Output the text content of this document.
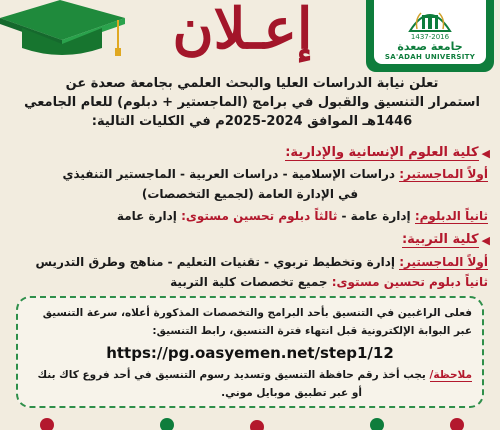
إعـلان	1437-2016
جامعة صعدة
SA'ADAH UNIVERSITY
تعلن نيابة الدراسات العليا والبحث العلمي بجامعة صعدة عن
استمرار التنسيق والقبول في برامج (الماجستير + دبلوم) للعام الجامعي
1446هـ الموافق 2024-2025م في الكليات التالية:
◀
كلية العلوم الإنسانية والإدارية:
أولاً الماجستير: دراسات الإسلامية - دراسات العربية - الماجستير التنفيذي
في الإدارة العامة (لجميع التخصصات)
ثانياً الدبلوم: إدارة عامة - ثالثاً دبلوم تحسين مستوى: إدارة عامة
◀
كلية التربية:
أولاً الماجستير: إدارة وتخطيط تربوي - تقنيات التعليم - مناهج وطرق التدريس
ثانياً دبلوم تحسين مستوى: جميع تخصصات كلية التربية
فعلى الراغبين في التنسيق بأحد البرامج والتخصصات المذكورة أعلاه، سرعة التنسيق
عبر البوابة الإلكترونية قبل انتهاء فترة التنسيق، رابط التنسيق:
https://pg.oasyemen.net/step1/12
ملاحظة/ يجب أخذ رقم حافظة التنسيق وتسديد رسوم التنسيق في أحد فروع كاك بنك
أو عبر تطبيق موبايل موني.
